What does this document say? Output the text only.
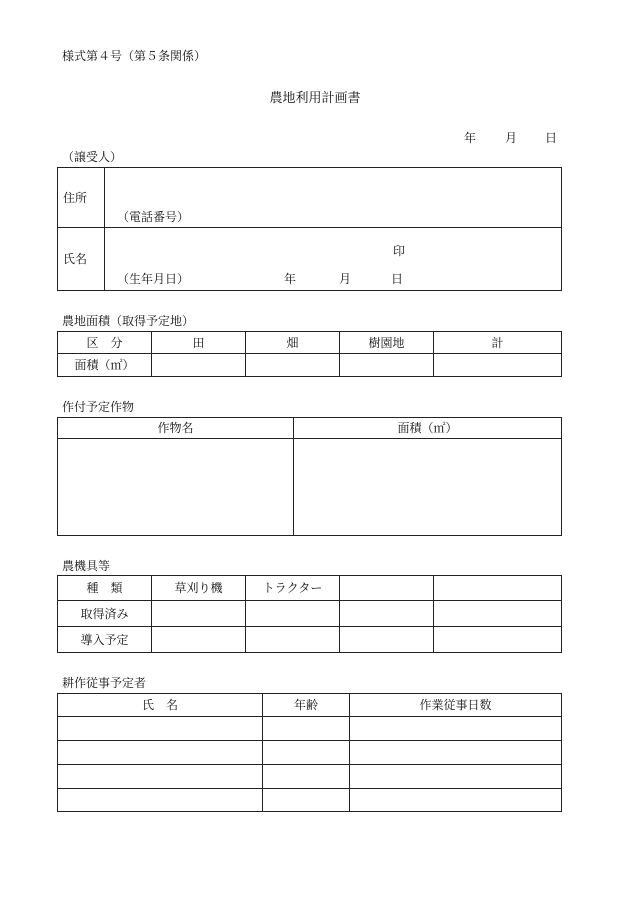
様式第４号（第５条関係）
農地利用計画書
年 月 日
（譲受人）
住所	（電話番号）

氏名	印
（生年月日） 年 月 日
農地面積（取得予定地）
区　分	田	畑	樹園地	計
面積（㎡）				
作付予定作物
作物名	面積（㎡）

農機具等
種　類	草刈り機	トラクター		
取得済み				
導入予定				
耕作従事予定者
氏　名	年齢	作業従事日数
